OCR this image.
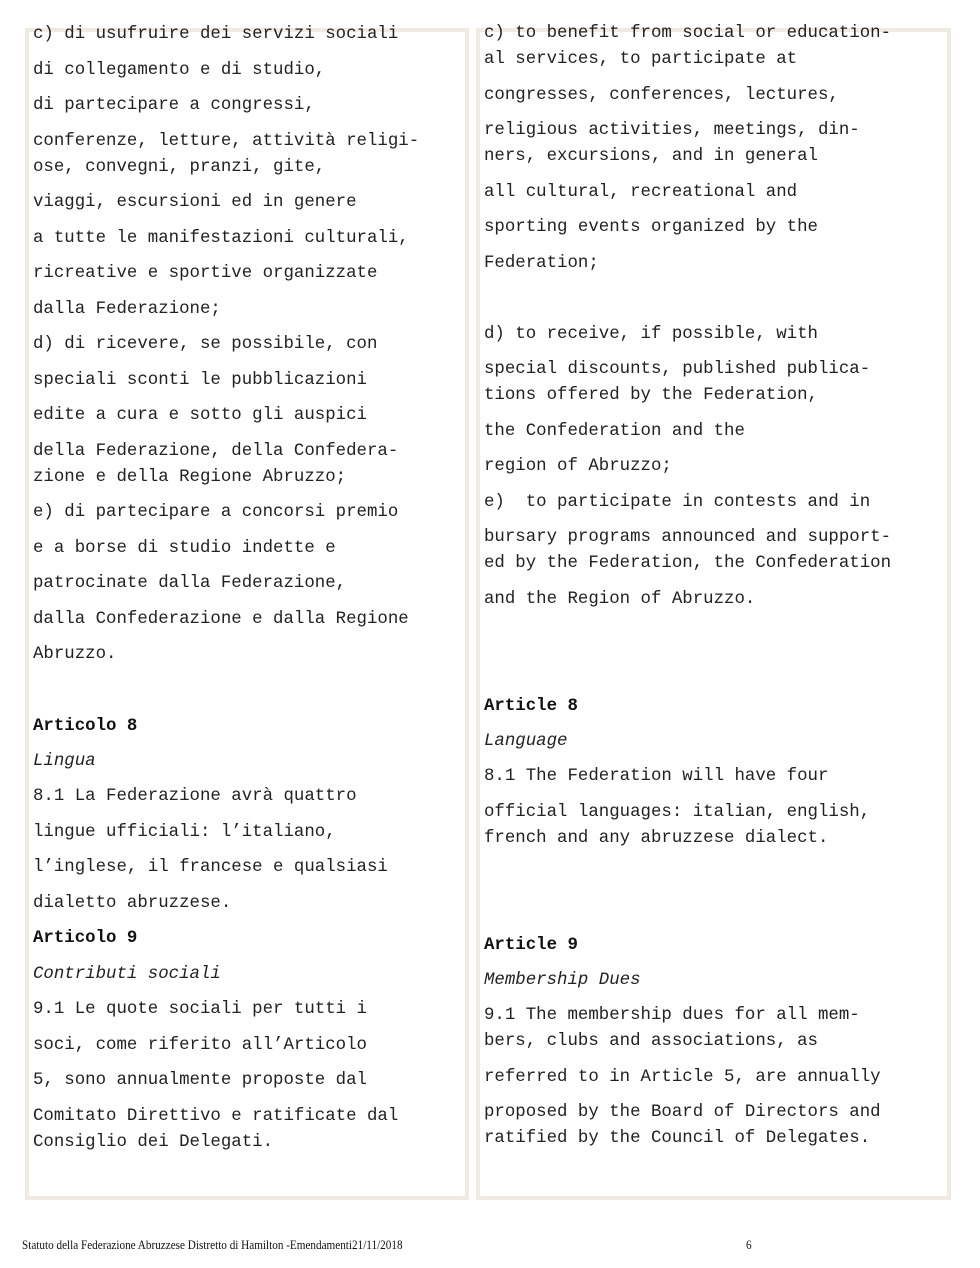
c) di usufruire dei servizi sociali
di collegamento e di studio,
di partecipare a congressi,
conferenze, letture, attività religi-
ose, convegni, pranzi, gite,
viaggi, escursioni ed in genere
a tutte le manifestazioni culturali,
ricreative e sportive organizzate
dalla Federazione;
d) di ricevere, se possibile, con
speciali sconti le pubblicazioni
edite a cura e sotto gli auspici
della Federazione, della Confedera-
zione e della Regione Abruzzo;
e) di partecipare a concorsi premio
e a borse di studio indette e
patrocinate dalla Federazione,
dalla Confederazione e dalla Regione
Abruzzo.
Articolo 8
Lingua
8.1 La Federazione avrà quattro
lingue ufficiali: l’italiano,
l’inglese, il francese e qualsiasi
dialetto abruzzese.
Articolo 9
Contributi sociali
9.1 Le quote sociali per tutti i
soci, come riferito all’Articolo
5, sono annualmente proposte dal
Comitato Direttivo e ratificate dal
Consiglio dei Delegati.
c) to benefit from social or education-
al services, to participate at
congresses, conferences, lectures,
religious activities, meetings, din-
ners, excursions, and in general
all cultural, recreational and
sporting events organized by the
Federation;
d) to receive, if possible, with
special discounts, published publica-
tions offered by the Federation,
the Confederation and the
region of Abruzzo;
e)  to participate in contests and in
bursary programs announced and support-
ed by the Federation, the Confederation
and the Region of Abruzzo.
Article 8
Language
8.1 The Federation will have four
official languages: italian, english,
french and any abruzzese dialect.
Article 9
Membership Dues
9.1 The membership dues for all mem-
bers, clubs and associations, as
referred to in Article 5, are annually
proposed by the Board of Directors and
ratified by the Council of Delegates.
Statuto della Federazione Abruzzese Distretto di Hamilton -Emendamenti21/11/2018	6
